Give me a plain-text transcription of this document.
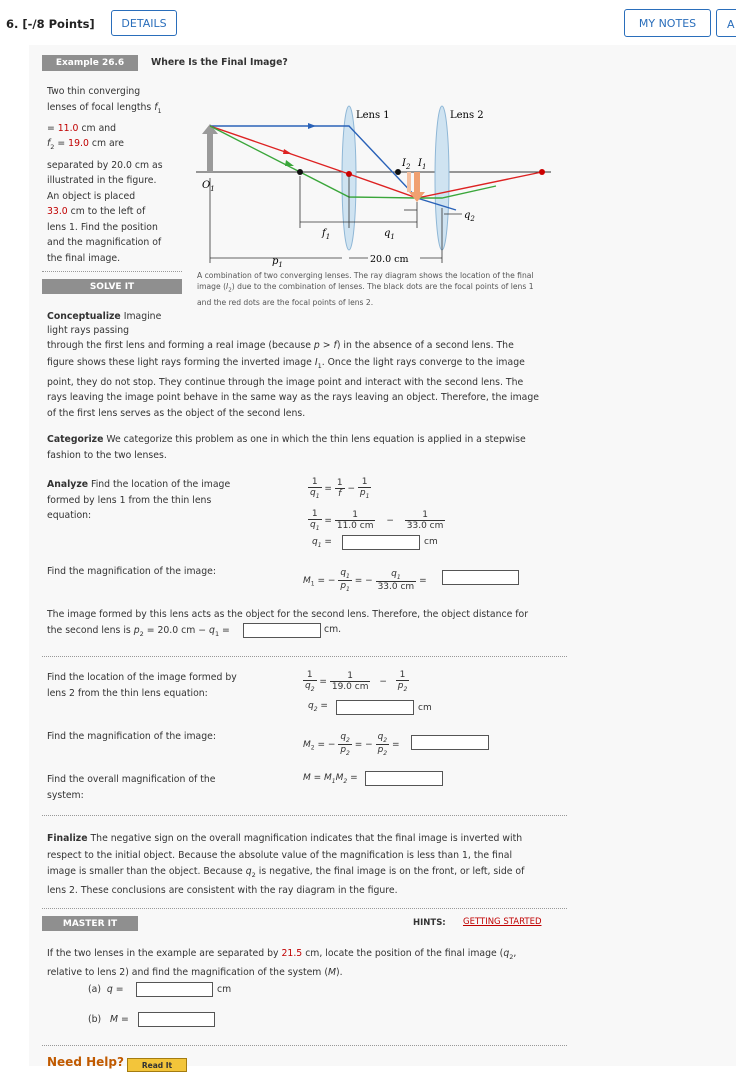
6. [-/8 Points]	DETAILS	MY NOTES	A
Example 26.6	Where Is the Final Image?
Two thin converging
lenses of focal lengths $f_1$
= 11.0 cm and
$f_2 = 19.0$ cm are
separated by 20.0 cm as
illustrated in the figure.
An object is placed
33.0 cm to the left of
lens 1. Find the position
and the magnification of
the final image.
Lens 1	Lens 2
$O_1$
$I_2$ $I_1$
$f_1$	$q_1$
$q_2$
$p_1$	20.0 cm
A combination of two converging lenses. The ray diagram shows the location of the final
image $(I_2)$ due to the combination of lenses. The black dots are the focal points of lens 1
and the red dots are the focal points of lens 2.
SOLVE IT
Conceptualize Imagine
light rays passing
through the first lens and forming a real image (because p > f) in the absence of a second lens. The
figure shows these light rays forming the inverted image $I_1$. Once the light rays converge to the image
point, they do not stop. They continue through the image point and interact with the second lens. The
rays leaving the image point behave in the same way as the rays leaving an object. Therefore, the image
of the first lens serves as the object of the second lens.
Categorize We categorize this problem as one in which the thin lens equation is applied in a stepwise
fashion to the two lenses.
Analyze Find the location of the image
formed by lens 1 from the thin lens
equation:
$\frac{1}{q_1} = \frac{1}{f} - \frac{1}{p_1}$
$\frac{1}{q_1} = \frac{1}{11.0 cm} - \frac{1}{33.0 cm}$
$q_1$ =	cm
Find the magnification of the image:
$M_1$ = − $\frac{q_1}{p_1}$ = − $\frac{q_1}{33.0 cm}$ =
The image formed by this lens acts as the object for the second lens. Therefore, the object distance for
the second lens is $p_2 = 20.0$ cm − $q_1$ =	cm.
Find the location of the image formed by
lens 2 from the thin lens equation:
$\frac{1}{q_2} = \frac{1}{19.0 cm} - \frac{1}{p_2}$
$q_2$ =	cm
Find the magnification of the image:
$M_2$ = − $\frac{q_2}{p_2}$ = − $\frac{q_2}{p_2}$ =
Find the overall magnification of the
system:
$M = M_1M_2$ =
Finalize The negative sign on the overall magnification indicates that the final image is inverted with
respect to the initial object. Because the absolute value of the magnification is less than 1, the final
image is smaller than the object. Because $q_2$ is negative, the final image is on the front, or left, side of
lens 2. These conclusions are consistent with the ray diagram in the figure.
MASTER IT	HINTS: GETTING STARTED
If the two lenses in the example are separated by 21.5 cm, locate the position of the final image ($q_2$,
relative to lens 2) and find the magnification of the system (M).
(a) q =	cm
(b) M =
Need Help?	Read It
